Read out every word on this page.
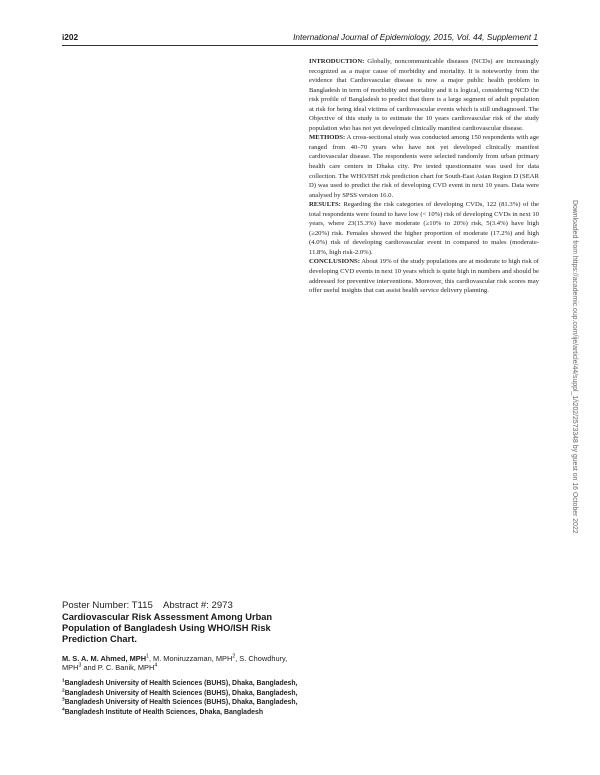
i202	International Journal of Epidemiology, 2015, Vol. 44, Supplement 1

INTRODUCTION: Globally, noncommunicable diseases (NCDs) are increasingly recognized as a major cause of morbidity and mortality. It is noteworthy from the evidence that Cardiovascular disease is now a major public health problem in Bangladesh in term of morbidity and mortality and it is logical, considering NCD the risk profile of Bangladesh to predict that there is a large segment of adult population at risk for being ideal victims of cardiovascular events which is still undiagnosed. The Objective of this study is to estimate the 10 years cardiovascular risk of the study population who has not yet developed clinically manifest cardiovascular disease.

METHODS: A cross-sectional study was conducted among 150 respondents with age ranged from 40–70 years who have not yet developed clinically manifest cardiovascular disease. The respondents were selected randomly from urban primary health care centers in Dhaka city. Pre tested questionnaire was used for data collection. The WHO/ISH risk prediction chart for South-East Asian Region D (SEAR D) was used to predict the risk of developing CVD event in next 10 years. Data were analysed by SPSS version 16.0.

RESULTS: Regarding the risk categories of developing CVDs, 122 (81.3%) of the total respondents were found to have low (< 10%) risk of developing CVDs in next 10 years, where 23(15.3%) have moderate (≥10% to 20%) risk, 5(3.4%) have high (≥20%) risk. Females showed the higher proportion of moderate (17.2%) and high (4.0%) risk of developing cardiovascular event in compared to males (moderate-11.8%, high risk-2.0%).

CONCLUSIONS: About 19% of the study populations are at moderate to high risk of developing CVD events in next 10 years which is quite high in numbers and should be addressed for preventive interventions. Moreover, this cardiovascular risk scores may offer useful insights that can assist health service delivery planning.

Poster Number: T115    Abstract #: 2973
Cardiovascular Risk Assessment Among Urban Population of Bangladesh Using WHO/ISH Risk Prediction Chart.
M. S. A. M. Ahmed, MPH$^1$, M. Moniruzzaman, MPH$^2$, S. Chowdhury, MPH$^3$ and P. C. Banik, MPH$^4$
$^1$Bangladesh University of Health Sciences (BUHS), Dhaka, Bangladesh,
$^2$Bangladesh University of Health Sciences (BUHS), Dhaka, Bangladesh,
$^3$Bangladesh University of Health Sciences (BUHS), Dhaka, Bangladesh,
$^4$Bangladesh Institute of Health Sciences, Dhaka, Bangladesh
Downloaded from https://academic.oup.com/ije/article/44/suppl_1/i202/2573348 by guest on 16 October 2022
